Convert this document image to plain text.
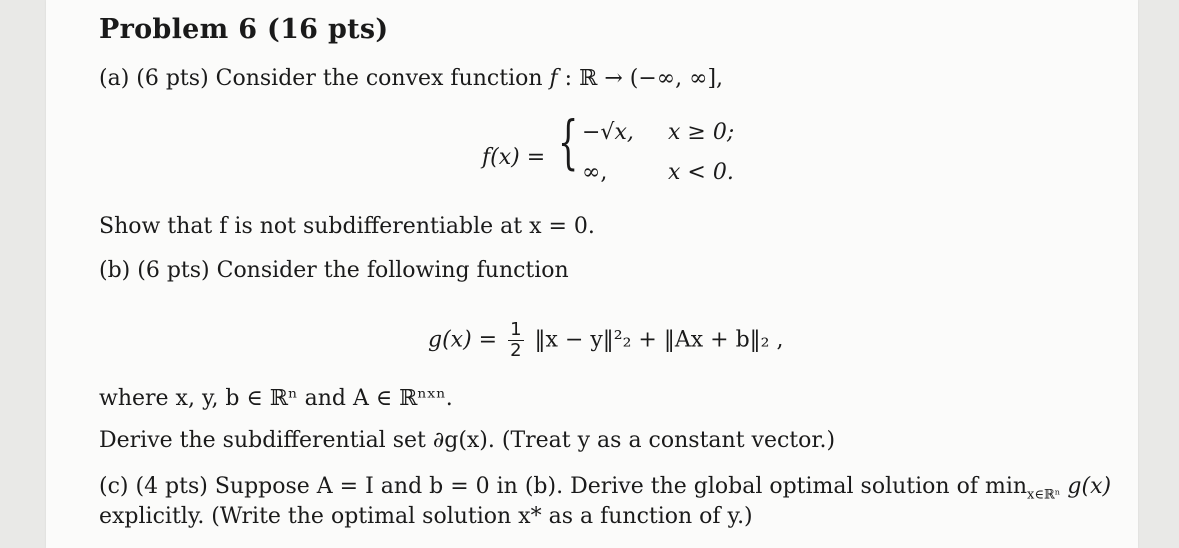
Problem 6 (16 pts)
(a) (6 pts) Consider the convex function f : ℝ → (−∞, ∞],
f(x) = { −√x, x ≥ 0;
∞,	x < 0.
Show that f is not subdifferentiable at x = 0.
(b) (6 pts) Consider the following function
$g(x) = \frac{1}{2}$ ‖x − y‖²₂ + ‖Ax + b‖₂ ,
where x, y, b ∈ ℝⁿ and A ∈ ℝⁿˣⁿ.
Derive the subdifferential set ∂g(x). (Treat y as a constant vector.)
(c) (4 pts) Suppose A = I and b = 0 in (b). Derive the global optimal solution of $\min_{x\in ℝ^n} g(x)$
explicitly. (Write the optimal solution x* as a function of y.)
